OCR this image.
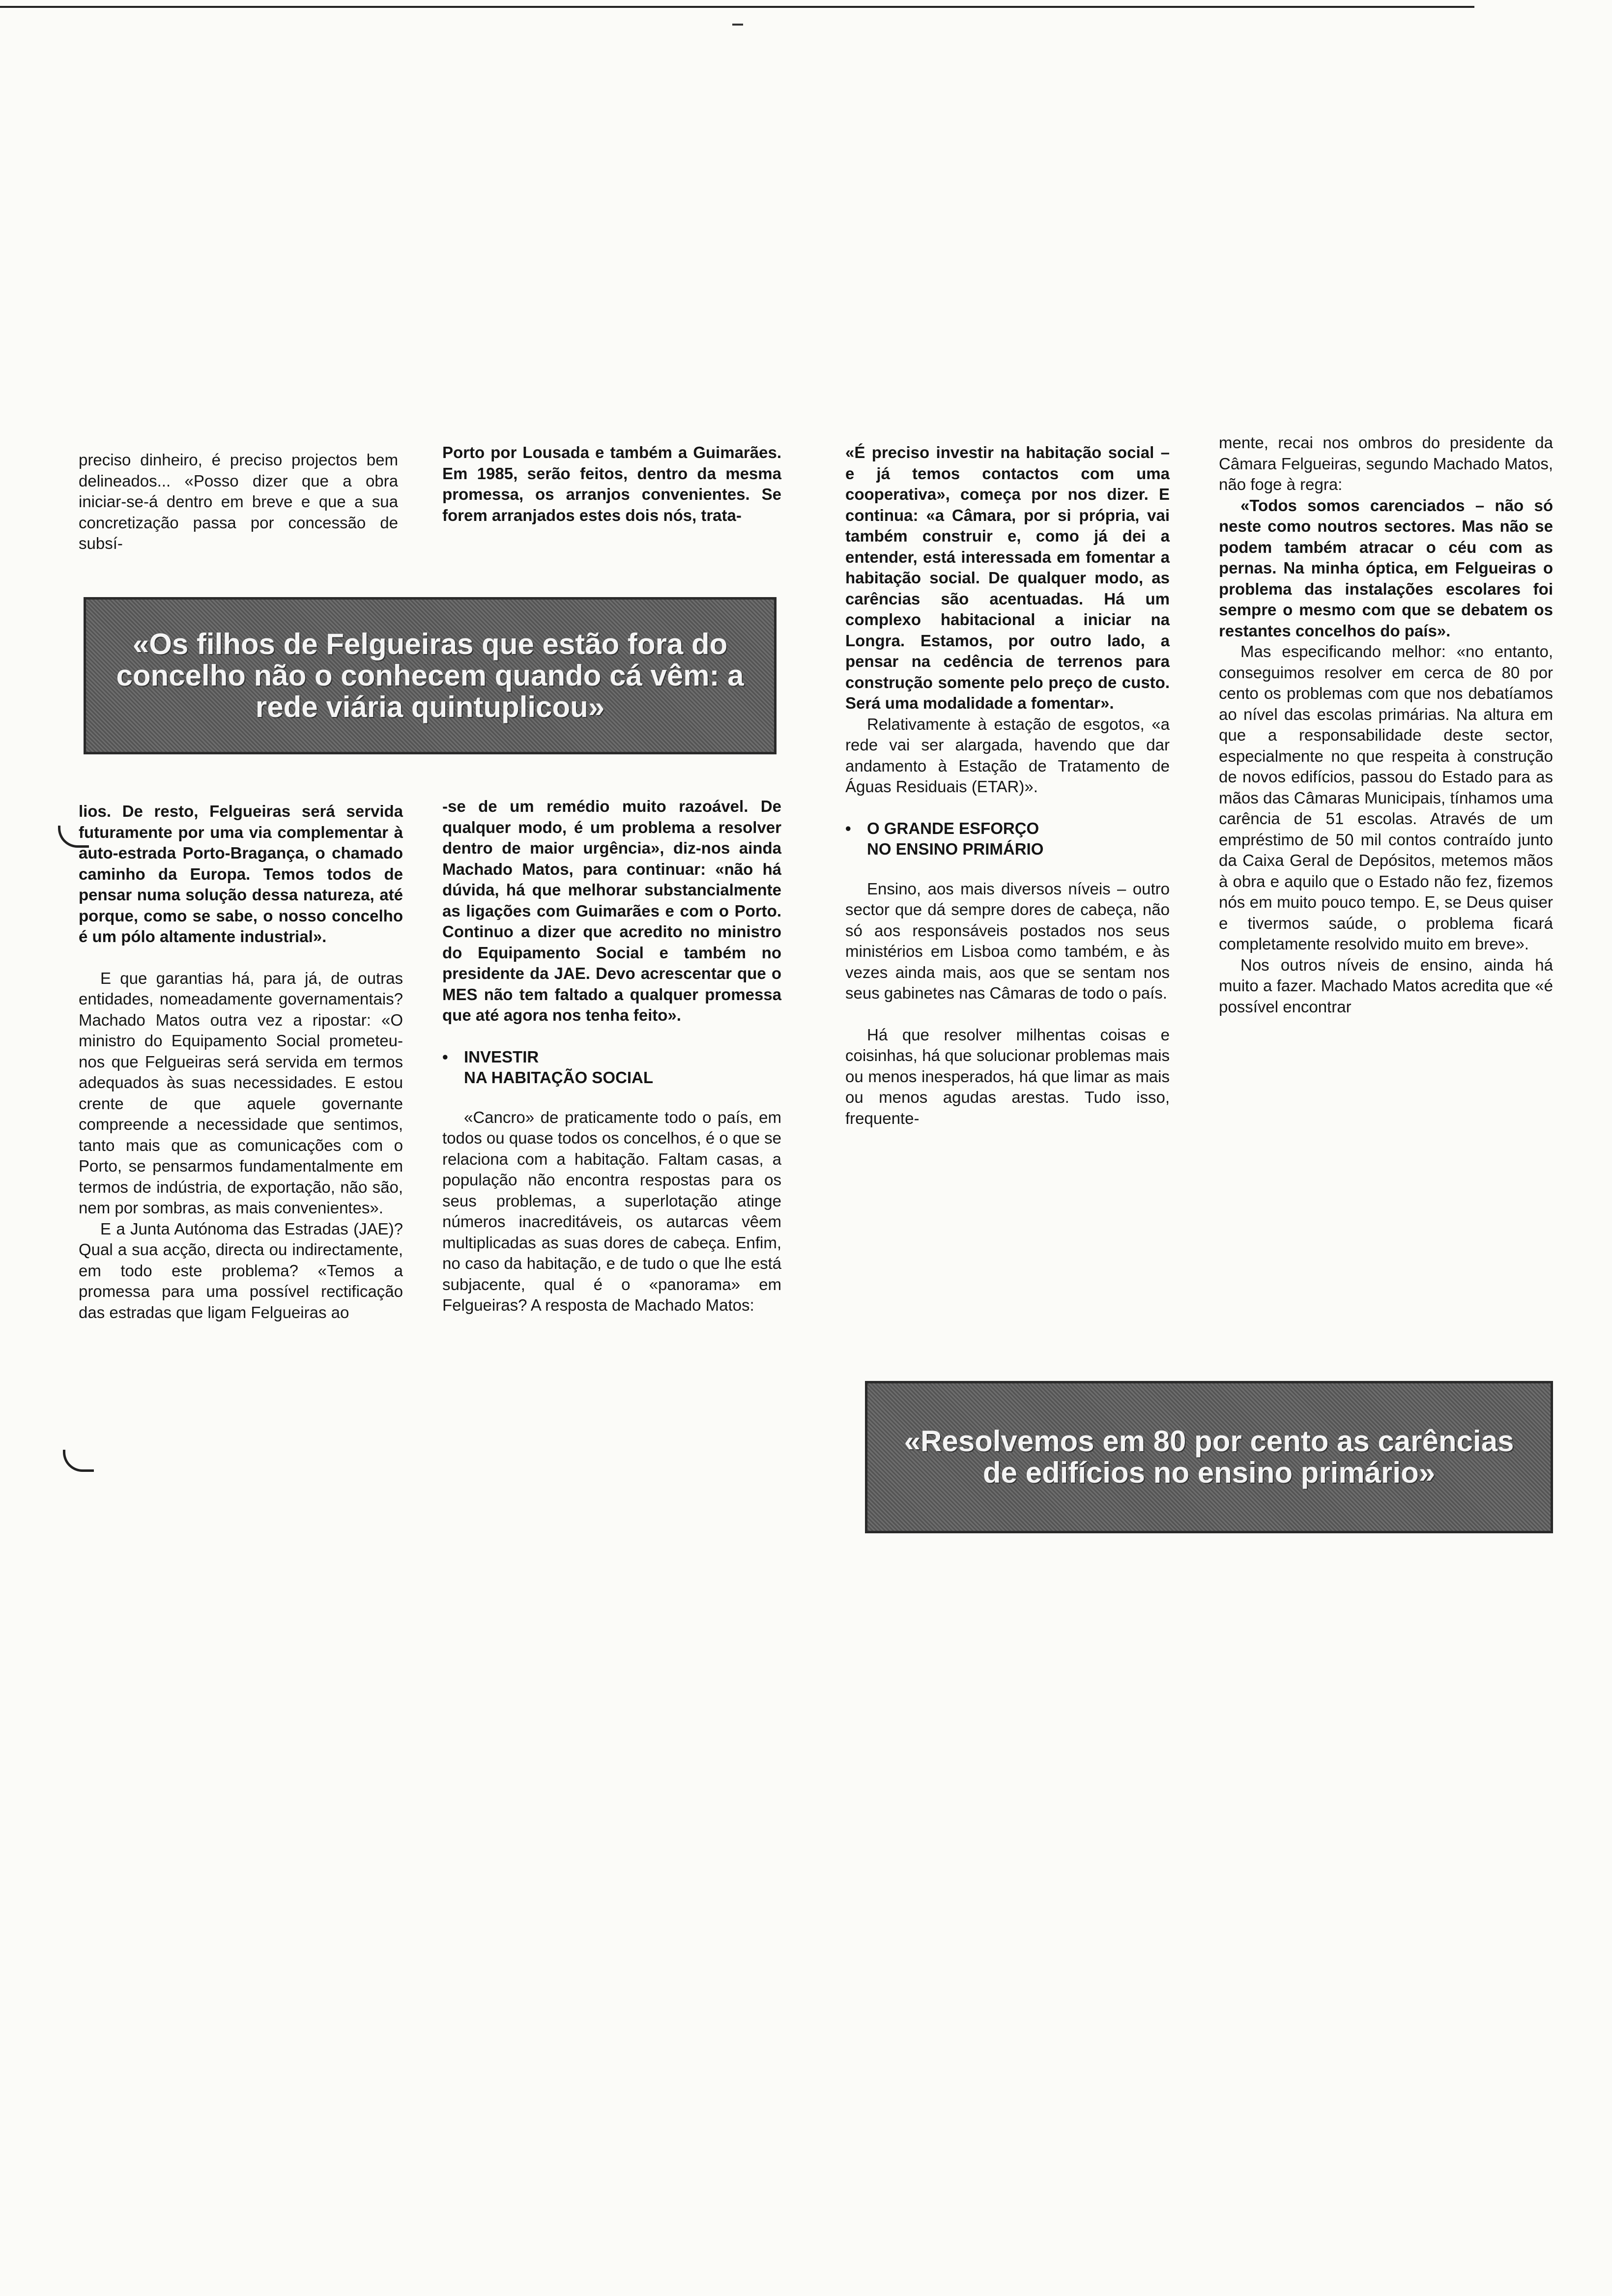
preciso dinheiro, é preciso projectos bem delineados... «Posso dizer que a obra iniciar-se-á dentro em breve e que a sua concretização passa por concessão de subsí-

Porto por Lousada e também a Guimarães. Em 1985, serão feitos, dentro da mesma promessa, os arranjos convenientes. Se forem arranjados estes dois nós, trata-

«Os filhos de Felgueiras que estão fora do concelho não o conhecem quando cá vêm: a rede viária quintuplicou»

lios. De resto, Felgueiras será servida futuramente por uma via complementar à auto-estrada Porto-Bragança, o chamado caminho da Europa. Temos todos de pensar numa solução dessa natureza, até porque, como se sabe, o nosso concelho é um pólo altamente industrial».

E que garantias há, para já, de outras entidades, nomeadamente governamentais? Machado Matos outra vez a ripostar: «O ministro do Equipamento Social prometeu-nos que Felgueiras será servida em termos adequados às suas necessidades. E estou crente de que aquele governante compreende a necessidade que sentimos, tanto mais que as comunicações com o Porto, se pensarmos fundamentalmente em termos de indústria, de exportação, não são, nem por sombras, as mais convenientes».

E a Junta Autónoma das Estradas (JAE)? Qual a sua acção, directa ou indirectamente, em todo este problema? «Temos a promessa para uma possível rectificação das estradas que ligam Felgueiras ao

-se de um remédio muito razoável. De qualquer modo, é um problema a resolver dentro de maior urgência», diz-nos ainda Machado Matos, para continuar: «não há dúvida, há que melhorar substancialmente as ligações com Guimarães e com o Porto. Continuo a dizer que acredito no ministro do Equipamento Social e também no presidente da JAE. Devo acrescentar que o MES não tem faltado a qualquer promessa que até agora nos tenha feito».

• INVESTIR
NA HABITAÇÃO SOCIAL

«Cancro» de praticamente todo o país, em todos ou quase todos os concelhos, é o que se relaciona com a habitação. Faltam casas, a população não encontra respostas para os seus problemas, a superlotação atinge números inacreditáveis, os autarcas vêem multiplicadas as suas dores de cabeça. Enfim, no caso da habitação, e de tudo o que lhe está subjacente, qual é o «panorama» em Felgueiras? A resposta de Machado Matos:

«É preciso investir na habitação social – e já temos contactos com uma cooperativa», começa por nos dizer. E continua: «a Câmara, por si própria, vai também construir e, como já dei a entender, está interessada em fomentar a habitação social. De qualquer modo, as carências são acentuadas. Há um complexo habitacional a iniciar na Longra. Estamos, por outro lado, a pensar na cedência de terrenos para construção somente pelo preço de custo. Será uma modalidade a fomentar».

Relativamente à estação de esgotos, «a rede vai ser alargada, havendo que dar andamento à Estação de Tratamento de Águas Residuais (ETAR)».

• O GRANDE ESFORÇO
NO ENSINO PRIMÁRIO

Ensino, aos mais diversos níveis – outro sector que dá sempre dores de cabeça, não só aos responsáveis postados nos seus ministérios em Lisboa como também, e às vezes ainda mais, aos que se sentam nos seus gabinetes nas Câmaras de todo o país.

Há que resolver milhentas coisas e coisinhas, há que solucionar problemas mais ou menos inesperados, há que limar as mais ou menos agudas arestas. Tudo isso, frequente-

mente, recai nos ombros do presidente da Câmara Felgueiras, segundo Machado Matos, não foge à regra:

«Todos somos carenciados – não só neste como noutros sectores. Mas não se podem também atracar o céu com as pernas. Na minha óptica, em Felgueiras o problema das instalações escolares foi sempre o mesmo com que se debatem os restantes concelhos do país».

Mas especificando melhor: «no entanto, conseguimos resolver em cerca de 80 por cento os problemas com que nos debatíamos ao nível das escolas primárias. Na altura em que a responsabilidade deste sector, especialmente no que respeita à construção de novos edifícios, passou do Estado para as mãos das Câmaras Municipais, tínhamos uma carência de 51 escolas. Através de um empréstimo de 50 mil contos contraído junto da Caixa Geral de Depósitos, metemos mãos à obra e aquilo que o Estado não fez, fizemos nós em muito pouco tempo. E, se Deus quiser e tivermos saúde, o problema ficará completamente resolvido muito em breve».

Nos outros níveis de ensino, ainda há muito a fazer. Machado Matos acredita que «é possível encontrar

«Resolvemos em 80 por cento as carências de edifícios no ensino primário»
